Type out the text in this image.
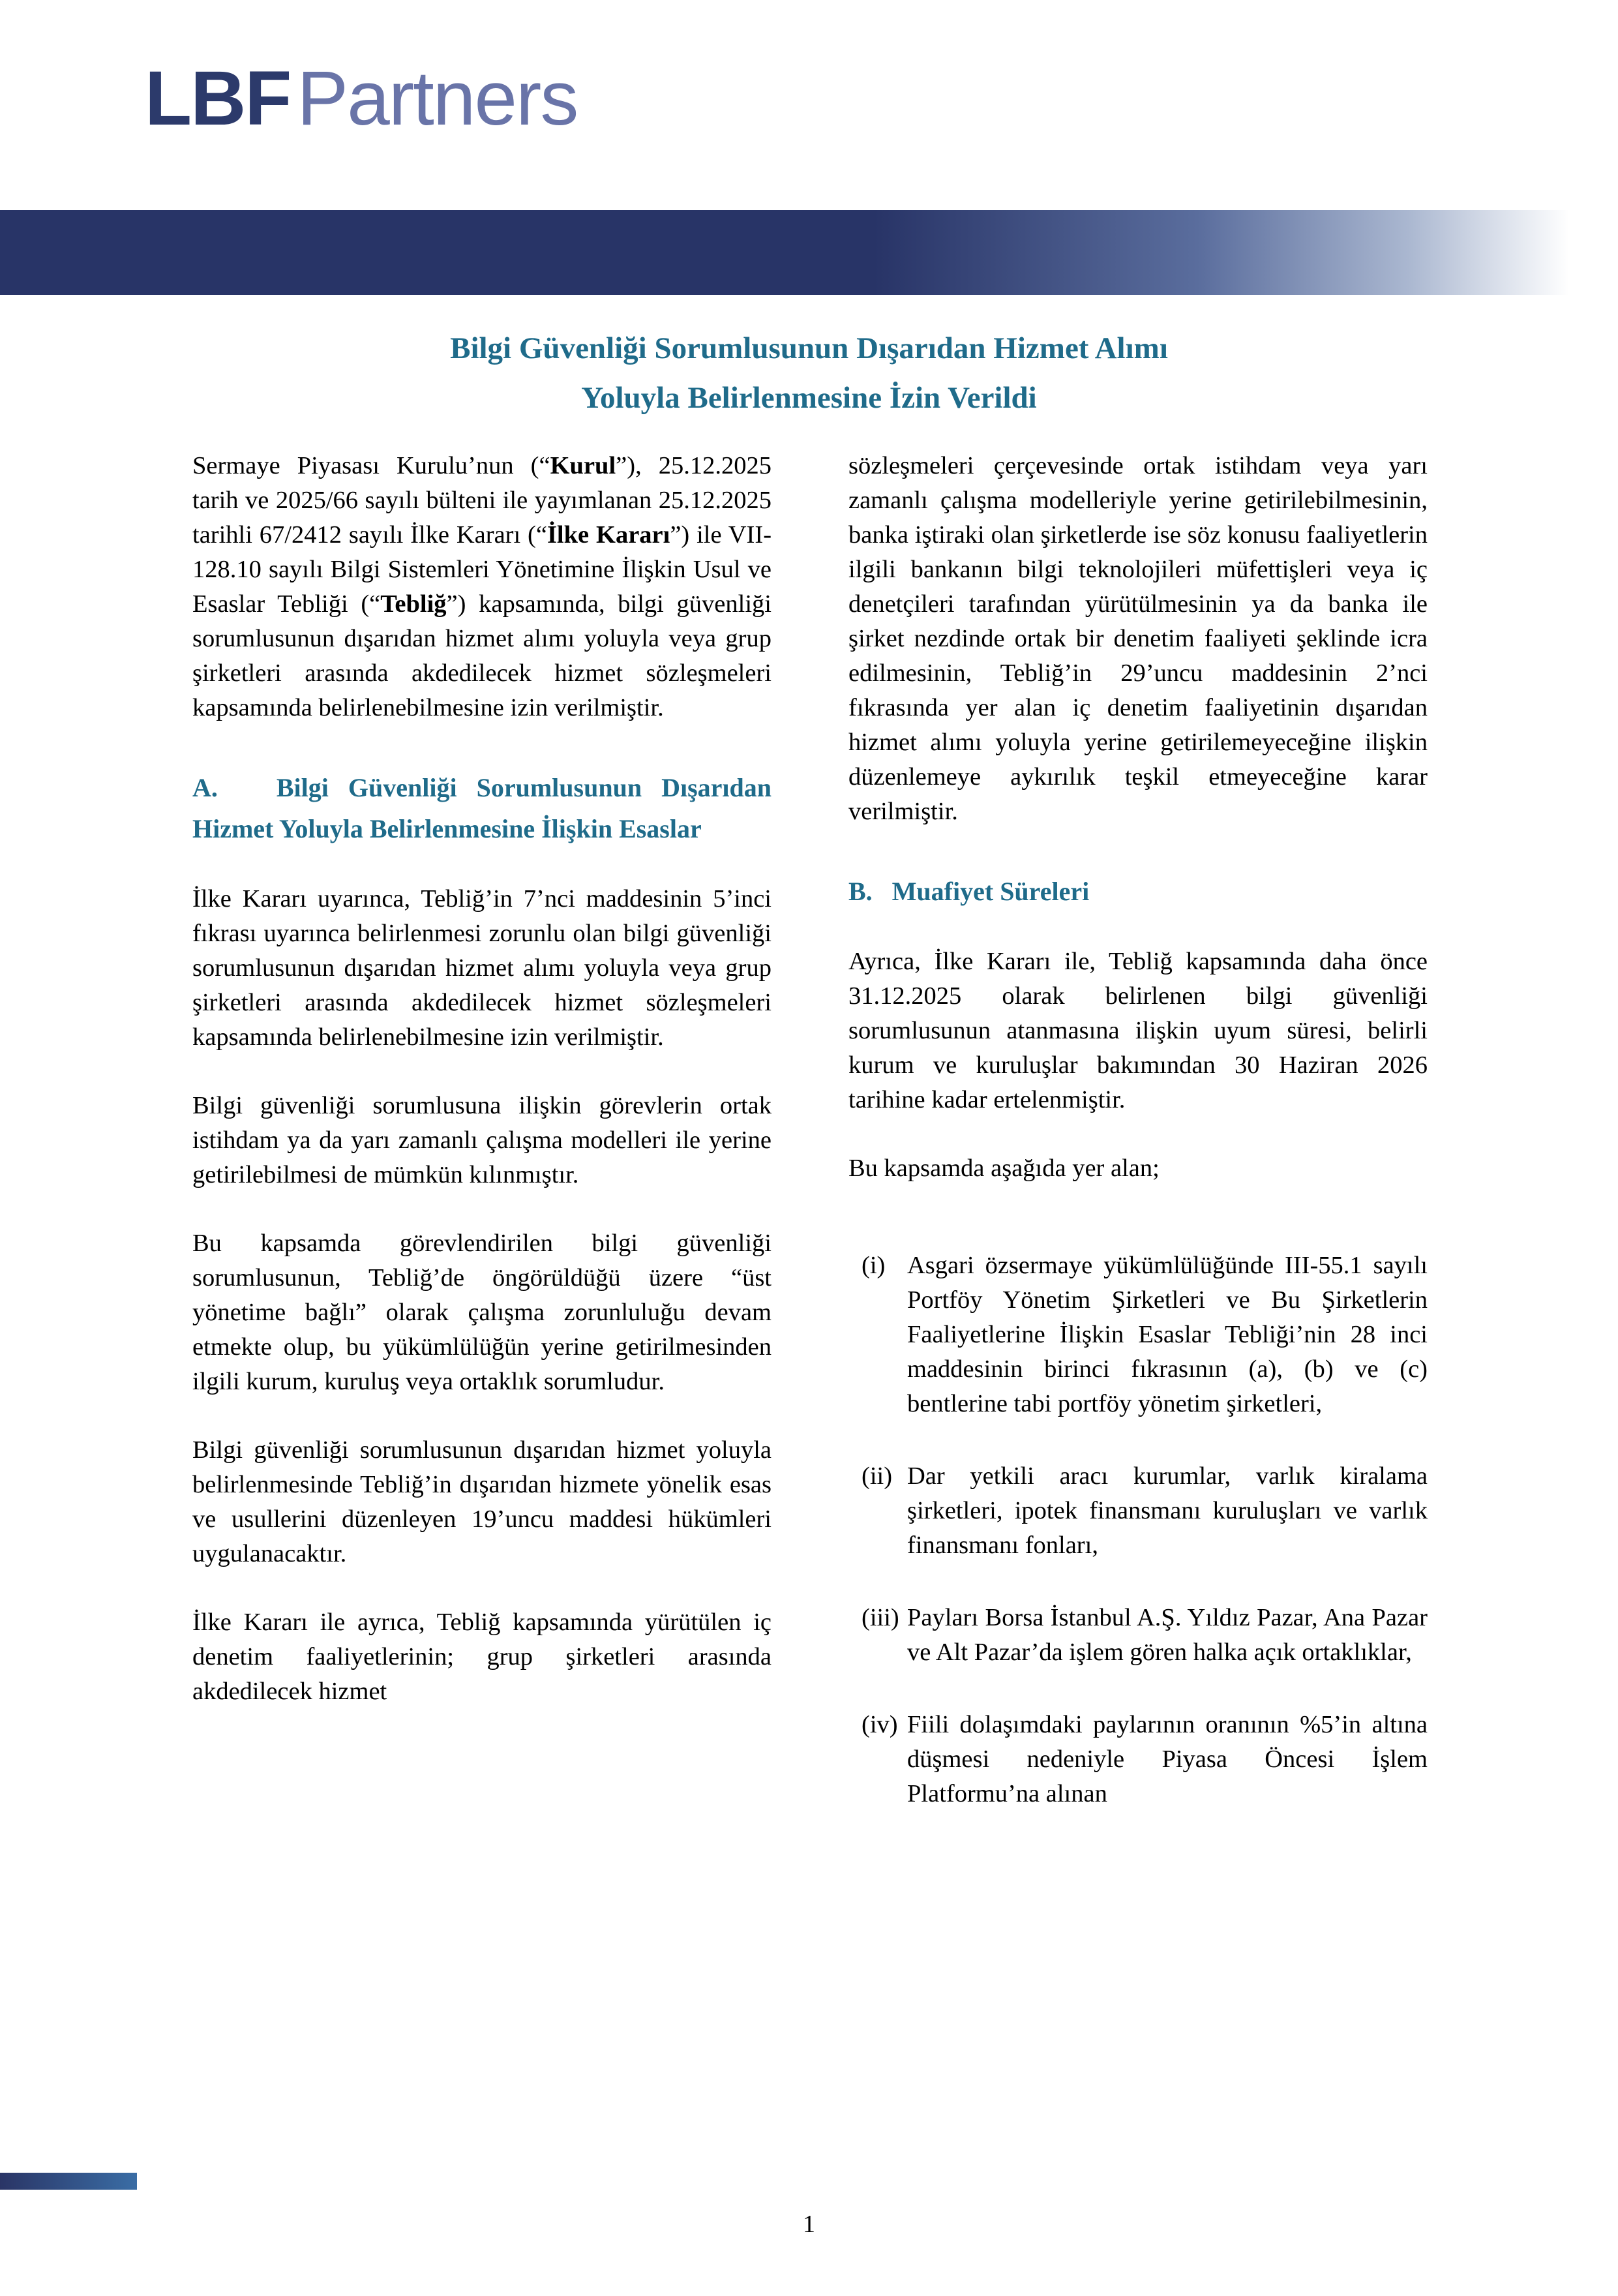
LBFPartners
Bilgi Güvenliği Sorumlusunun Dışarıdan Hizmet Alımı
Yoluyla Belirlenmesine İzin Verildi

Sermaye Piyasası Kurulu’nun (“Kurul”), 25.12.2025 tarih ve 2025/66 sayılı bülteni ile yayımlanan 25.12.2025 tarihli 67/2412 sayılı İlke Kararı (“İlke Kararı”) ile VII-128.10 sayılı Bilgi Sistemleri Yönetimine İlişkin Usul ve Esaslar Tebliği (“Tebliğ”) kapsamında, bilgi güvenliği sorumlusunun dışarıdan hizmet alımı yoluyla veya grup şirketleri arasında akdedilecek hizmet sözleşmeleri kapsamında belirlenebilmesine izin verilmiştir.

A.   Bilgi Güvenliği Sorumlusunun Dışarıdan Hizmet Yoluyla Belirlenmesine İlişkin Esaslar

İlke Kararı uyarınca, Tebliğ’in 7’nci maddesinin 5’inci fıkrası uyarınca belirlenmesi zorunlu olan bilgi güvenliği sorumlusunun dışarıdan hizmet alımı yoluyla veya grup şirketleri arasında akdedilecek hizmet sözleşmeleri kapsamında belirlenebilmesine izin verilmiştir.

Bilgi güvenliği sorumlusuna ilişkin görevlerin ortak istihdam ya da yarı zamanlı çalışma modelleri ile yerine getirilebilmesi de mümkün kılınmıştır.

Bu kapsamda görevlendirilen bilgi güvenliği sorumlusunun, Tebliğ’de öngörüldüğü üzere “üst yönetime bağlı” olarak çalışma zorunluluğu devam etmekte olup, bu yükümlülüğün yerine getirilmesinden ilgili kurum, kuruluş veya ortaklık sorumludur.

Bilgi güvenliği sorumlusunun dışarıdan hizmet yoluyla belirlenmesinde Tebliğ’in dışarıdan hizmete yönelik esas ve usullerini düzenleyen 19’uncu maddesi hükümleri uygulanacaktır.

İlke Kararı ile ayrıca, Tebliğ kapsamında yürütülen iç denetim faaliyetlerinin; grup şirketleri arasında akdedilecek hizmet

sözleşmeleri çerçevesinde ortak istihdam veya yarı zamanlı çalışma modelleriyle yerine getirilebilmesinin, banka iştiraki olan şirketlerde ise söz konusu faaliyetlerin ilgili bankanın bilgi teknolojileri müfettişleri veya iç denetçileri tarafından yürütülmesinin ya da banka ile şirket nezdinde ortak bir denetim faaliyeti şeklinde icra edilmesinin, Tebliğ’in 29’uncu maddesinin 2’nci fıkrasında yer alan iç denetim faaliyetinin dışarıdan hizmet alımı yoluyla yerine getirilemeyeceğine ilişkin düzenlemeye aykırılık teşkil etmeyeceğine karar verilmiştir.

B.   Muafiyet Süreleri

Ayrıca, İlke Kararı ile, Tebliğ kapsamında daha önce 31.12.2025 olarak belirlenen bilgi güvenliği sorumlusunun atanmasına ilişkin uyum süresi, belirli kurum ve kuruluşlar bakımından 30 Haziran 2026 tarihine kadar ertelenmiştir.

Bu kapsamda aşağıda yer alan;

(i) Asgari özsermaye yükümlülüğünde III-55.1 sayılı Portföy Yönetim Şirketleri ve Bu Şirketlerin Faaliyetlerine İlişkin Esaslar Tebliği’nin 28 inci maddesinin birinci fıkrasının (a), (b) ve (c) bentlerine tabi portföy yönetim şirketleri,
(ii) Dar yetkili aracı kurumlar, varlık kiralama şirketleri, ipotek finansmanı kuruluşları ve varlık finansmanı fonları,
(iii) Payları Borsa İstanbul A.Ş. Yıldız Pazar, Ana Pazar ve Alt Pazar’da işlem gören halka açık ortaklıklar,
(iv) Fiili dolaşımdaki paylarının oranının %5’in altına düşmesi nedeniyle Piyasa Öncesi İşlem Platformu’na alınan
1
